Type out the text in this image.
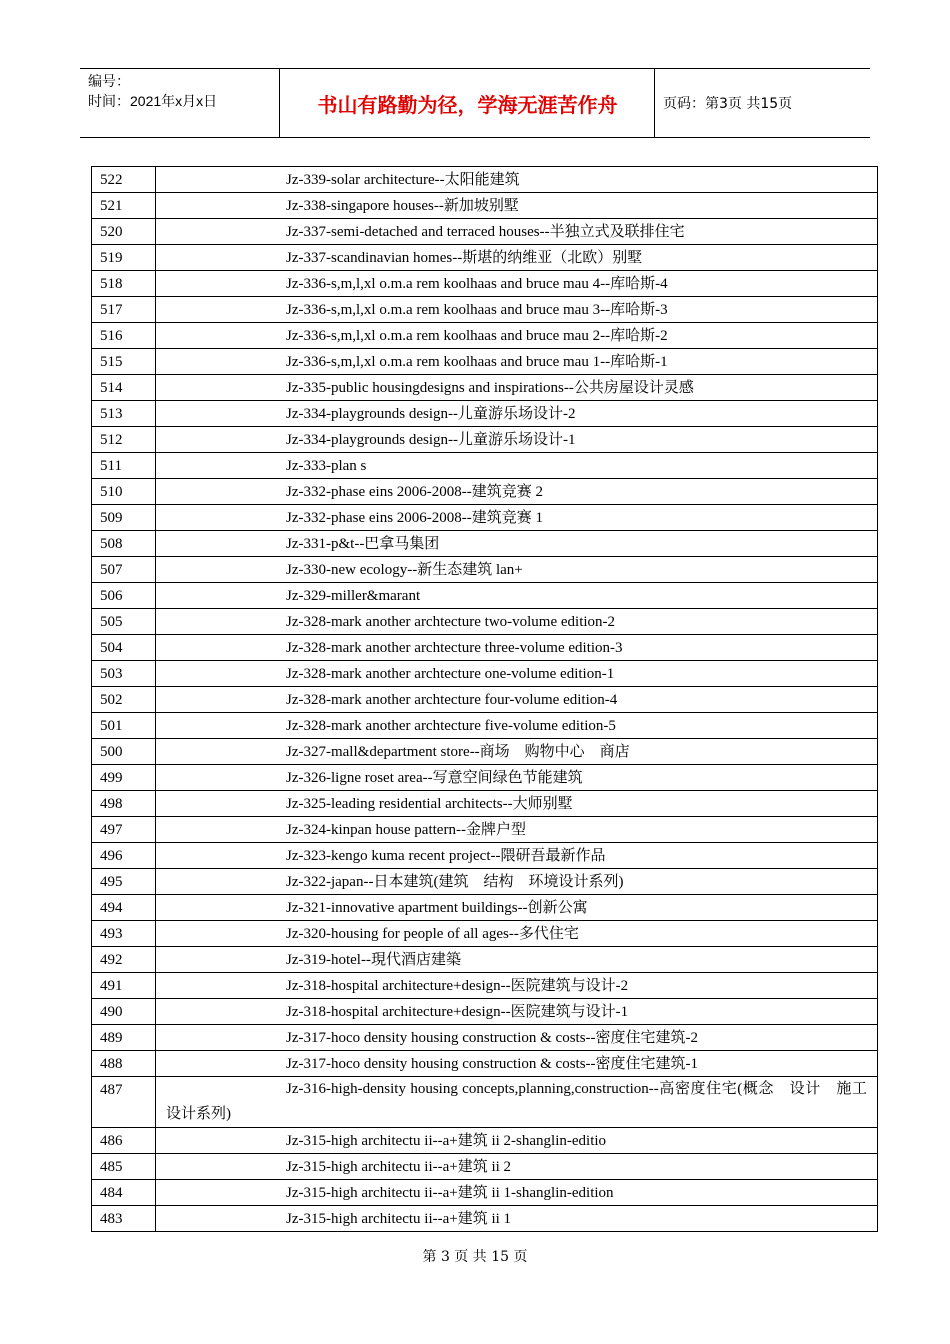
编号：
时间：2021年x月x日	书山有路勤为径，学海无涯苦作舟	页码：第3页 共15页
522	Jz-339-solar architecture--太阳能建筑
521	Jz-338-singapore houses--新加坡别墅
520	Jz-337-semi-detached and terraced houses--半独立式及联排住宅
519	Jz-337-scandinavian homes--斯堪的纳维亚（北欧）别墅
518	Jz-336-s,m,l,xl o.m.a rem koolhaas and bruce mau 4--库哈斯-4
517	Jz-336-s,m,l,xl o.m.a rem koolhaas and bruce mau 3--库哈斯-3
516	Jz-336-s,m,l,xl o.m.a rem koolhaas and bruce mau 2--库哈斯-2
515	Jz-336-s,m,l,xl o.m.a rem koolhaas and bruce mau 1--库哈斯-1
514	Jz-335-public housingdesigns and inspirations--公共房屋设计灵感
513	Jz-334-playgrounds design--儿童游乐场设计-2
512	Jz-334-playgrounds design--儿童游乐场设计-1
511	Jz-333-plan s
510	Jz-332-phase eins 2006-2008--建筑竞赛 2
509	Jz-332-phase eins 2006-2008--建筑竞赛 1
508	Jz-331-p&t--巴拿马集团
507	Jz-330-new ecology--新生态建筑 lan+
506	Jz-329-miller&marant
505	Jz-328-mark another archtecture two-volume edition-2
504	Jz-328-mark another archtecture three-volume edition-3
503	Jz-328-mark another archtecture one-volume edition-1
502	Jz-328-mark another archtecture four-volume edition-4
501	Jz-328-mark another archtecture five-volume edition-5
500	Jz-327-mall&department store--商场　购物中心　商店
499	Jz-326-ligne roset area--写意空间绿色节能建筑
498	Jz-325-leading residential architects--大师别墅
497	Jz-324-kinpan house pattern--金牌户型
496	Jz-323-kengo kuma recent project--隈研吾最新作品
495	Jz-322-japan--日本建筑(建筑　结构　环境设计系列)
494	Jz-321-innovative apartment buildings--创新公寓
493	Jz-320-housing for people of all ages--多代住宅
492	Jz-319-hotel--現代酒店建築
491	Jz-318-hospital architecture+design--医院建筑与设计-2
490	Jz-318-hospital architecture+design--医院建筑与设计-1
489	Jz-317-hoco density housing construction & costs--密度住宅建筑-2
488	Jz-317-hoco density housing construction & costs--密度住宅建筑-1
487	Jz-316-high-density housing concepts,planning,construction--高密度住宅(概念　设计　施工　设计系列)
486	Jz-315-high architectu ii--a+建筑 ii 2-shanglin-editio
485	Jz-315-high architectu ii--a+建筑 ii 2
484	Jz-315-high architectu ii--a+建筑 ii 1-shanglin-edition
483	Jz-315-high architectu ii--a+建筑 ii 1
第 3 页 共 15 页
